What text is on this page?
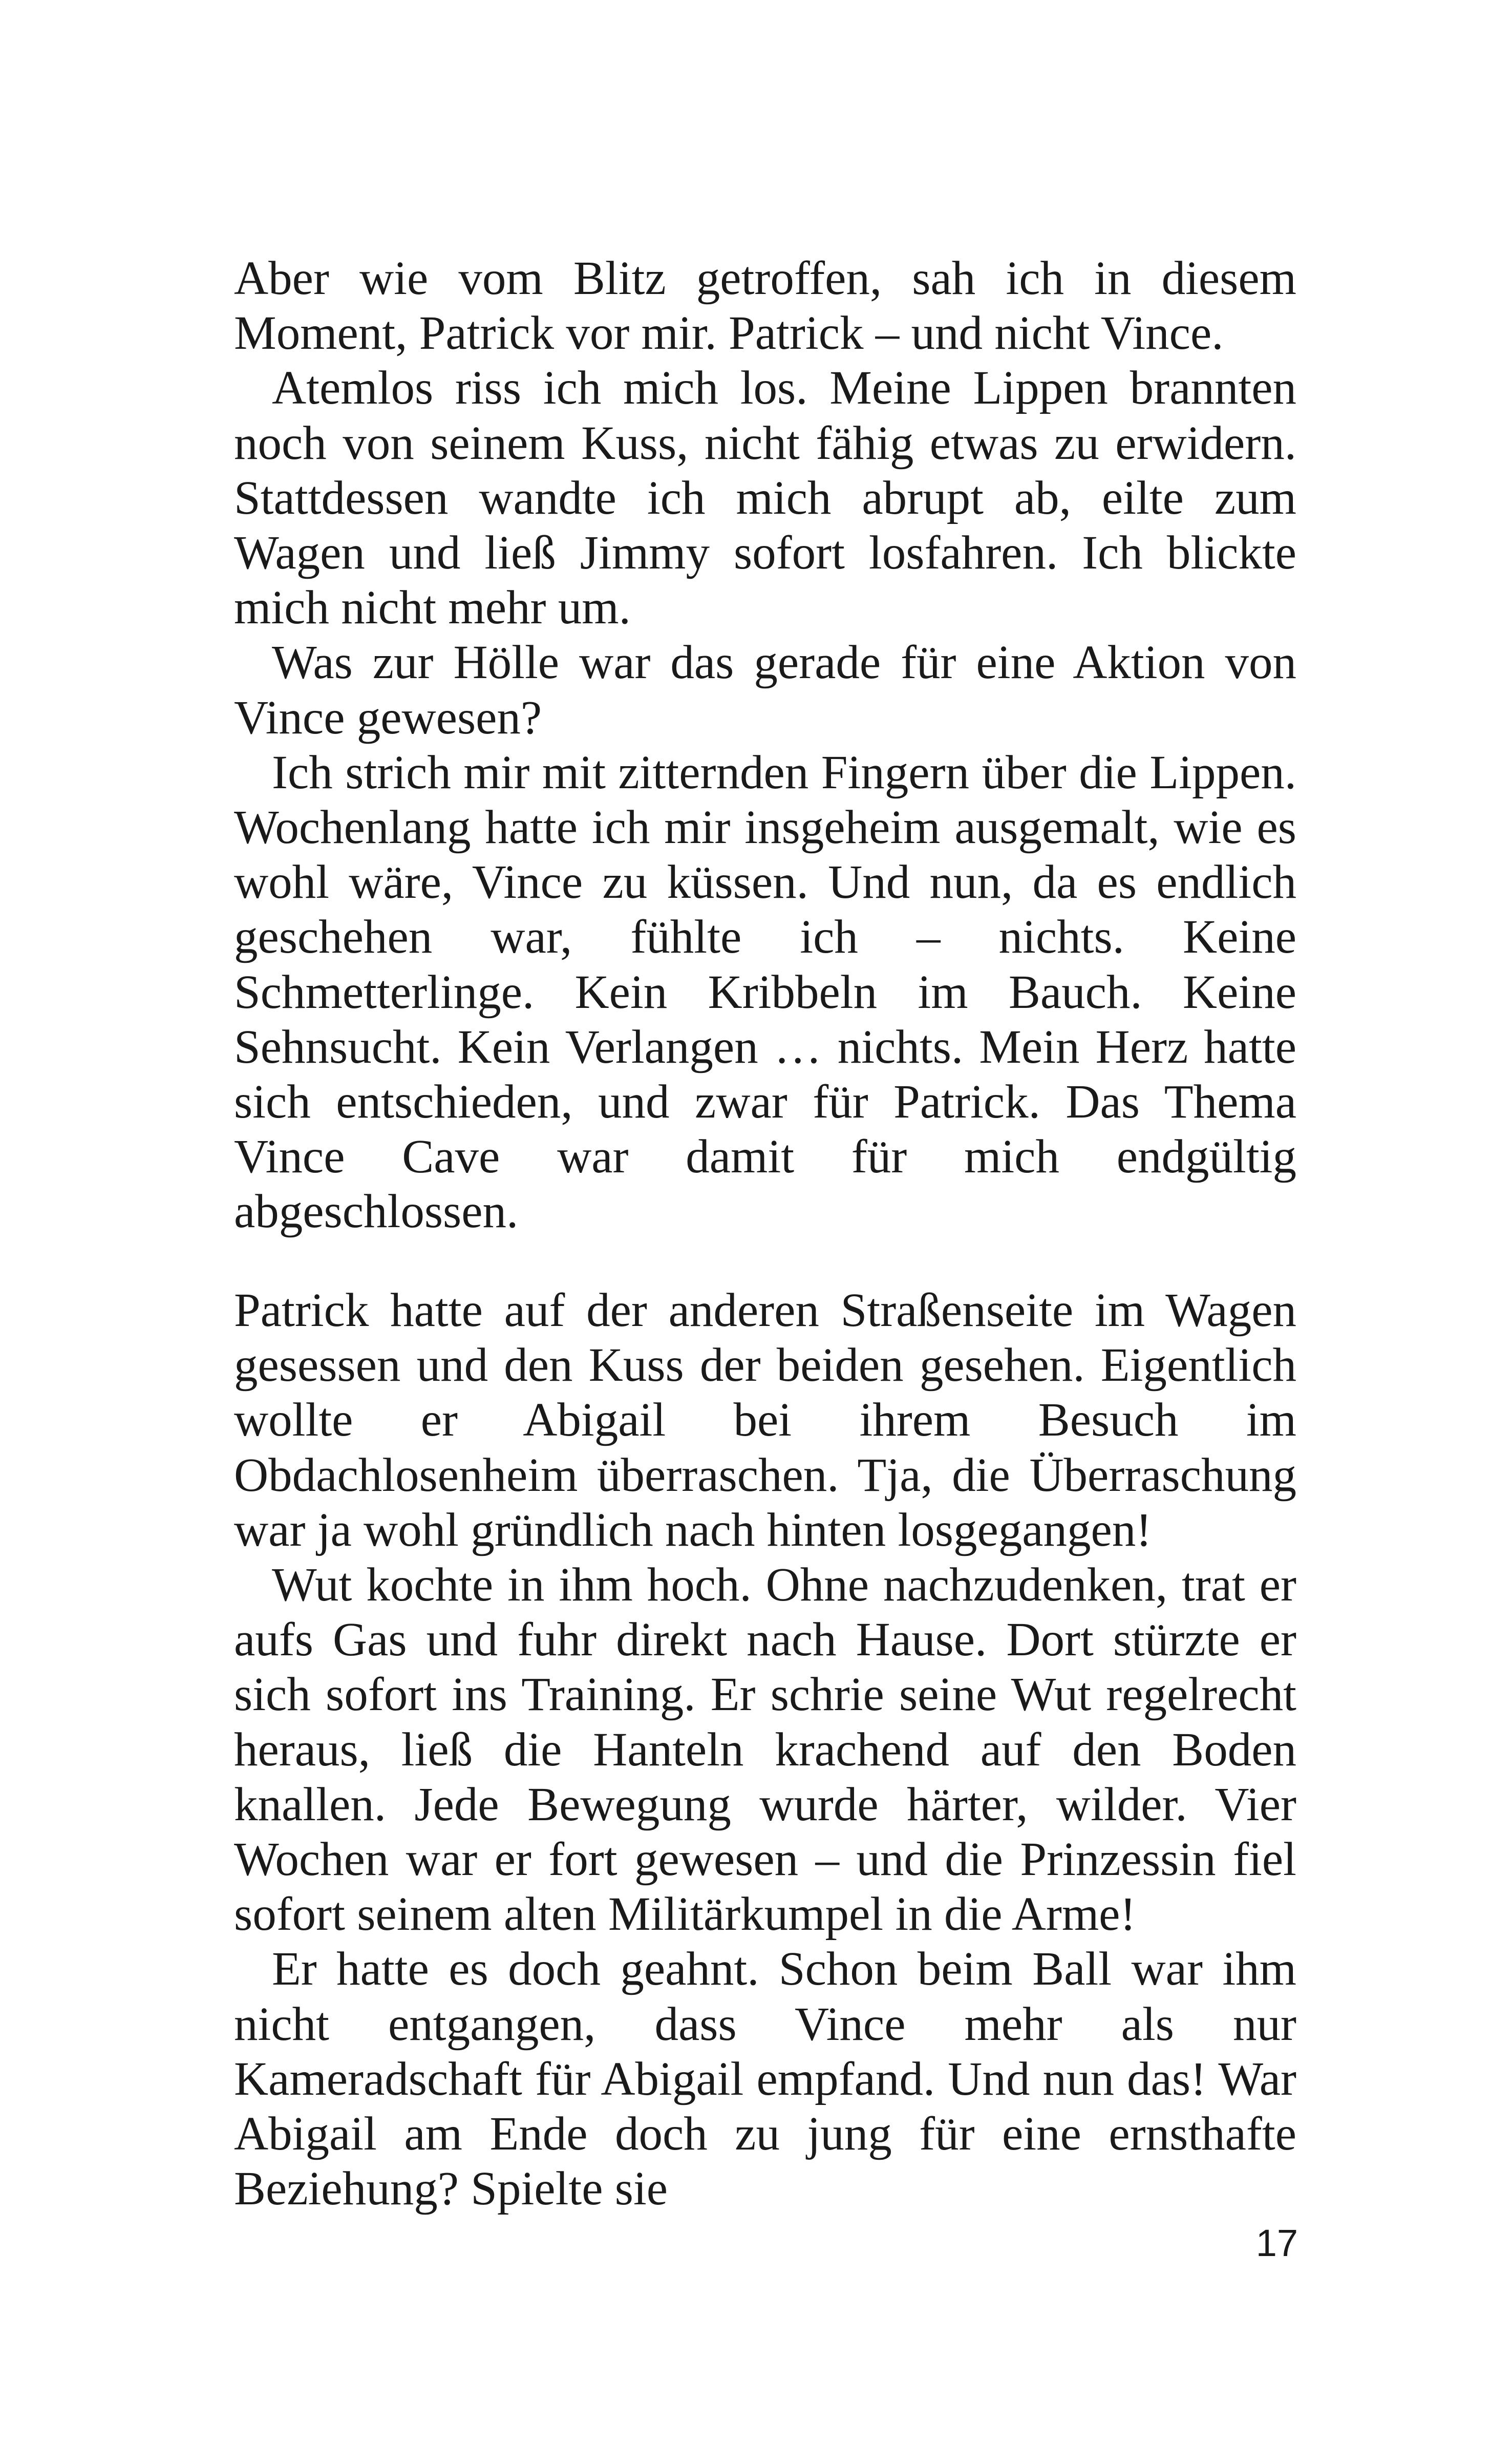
Aber wie vom Blitz getroffen, sah ich in diesem Moment, Patrick vor mir. Patrick – und nicht Vince.

Atemlos riss ich mich los. Meine Lippen brannten noch von seinem Kuss, nicht fähig etwas zu erwidern. Stattdessen wandte ich mich abrupt ab, eilte zum Wagen und ließ Jimmy sofort losfahren. Ich blickte mich nicht mehr um.

Was zur Hölle war das gerade für eine Aktion von Vince gewesen?

Ich strich mir mit zitternden Fingern über die Lippen. Wochenlang hatte ich mir insgeheim ausgemalt, wie es wohl wäre, Vince zu küssen. Und nun, da es endlich geschehen war, fühlte ich – nichts. Keine Schmetterlinge. Kein Kribbeln im Bauch. Keine Sehnsucht. Kein Verlangen … nichts. Mein Herz hatte sich entschieden, und zwar für Patrick. Das Thema Vince Cave war damit für mich endgültig abgeschlossen.

Patrick hatte auf der anderen Straßenseite im Wagen gesessen und den Kuss der beiden gesehen. Eigentlich wollte er Abigail bei ihrem Besuch im Obdachlosenheim überraschen. Tja, die Überraschung war ja wohl gründlich nach hinten losgegangen!

Wut kochte in ihm hoch. Ohne nachzudenken, trat er aufs Gas und fuhr direkt nach Hause. Dort stürzte er sich sofort ins Training. Er schrie seine Wut regelrecht heraus, ließ die Hanteln krachend auf den Boden knallen. Jede Bewegung wurde härter, wilder. Vier Wochen war er fort gewesen – und die Prinzessin fiel sofort seinem alten Militärkumpel in die Arme!

Er hatte es doch geahnt. Schon beim Ball war ihm nicht entgangen, dass Vince mehr als nur Kameradschaft für Abigail empfand. Und nun das! War Abigail am Ende doch zu jung für eine ernsthafte Beziehung? Spielte sie

17
